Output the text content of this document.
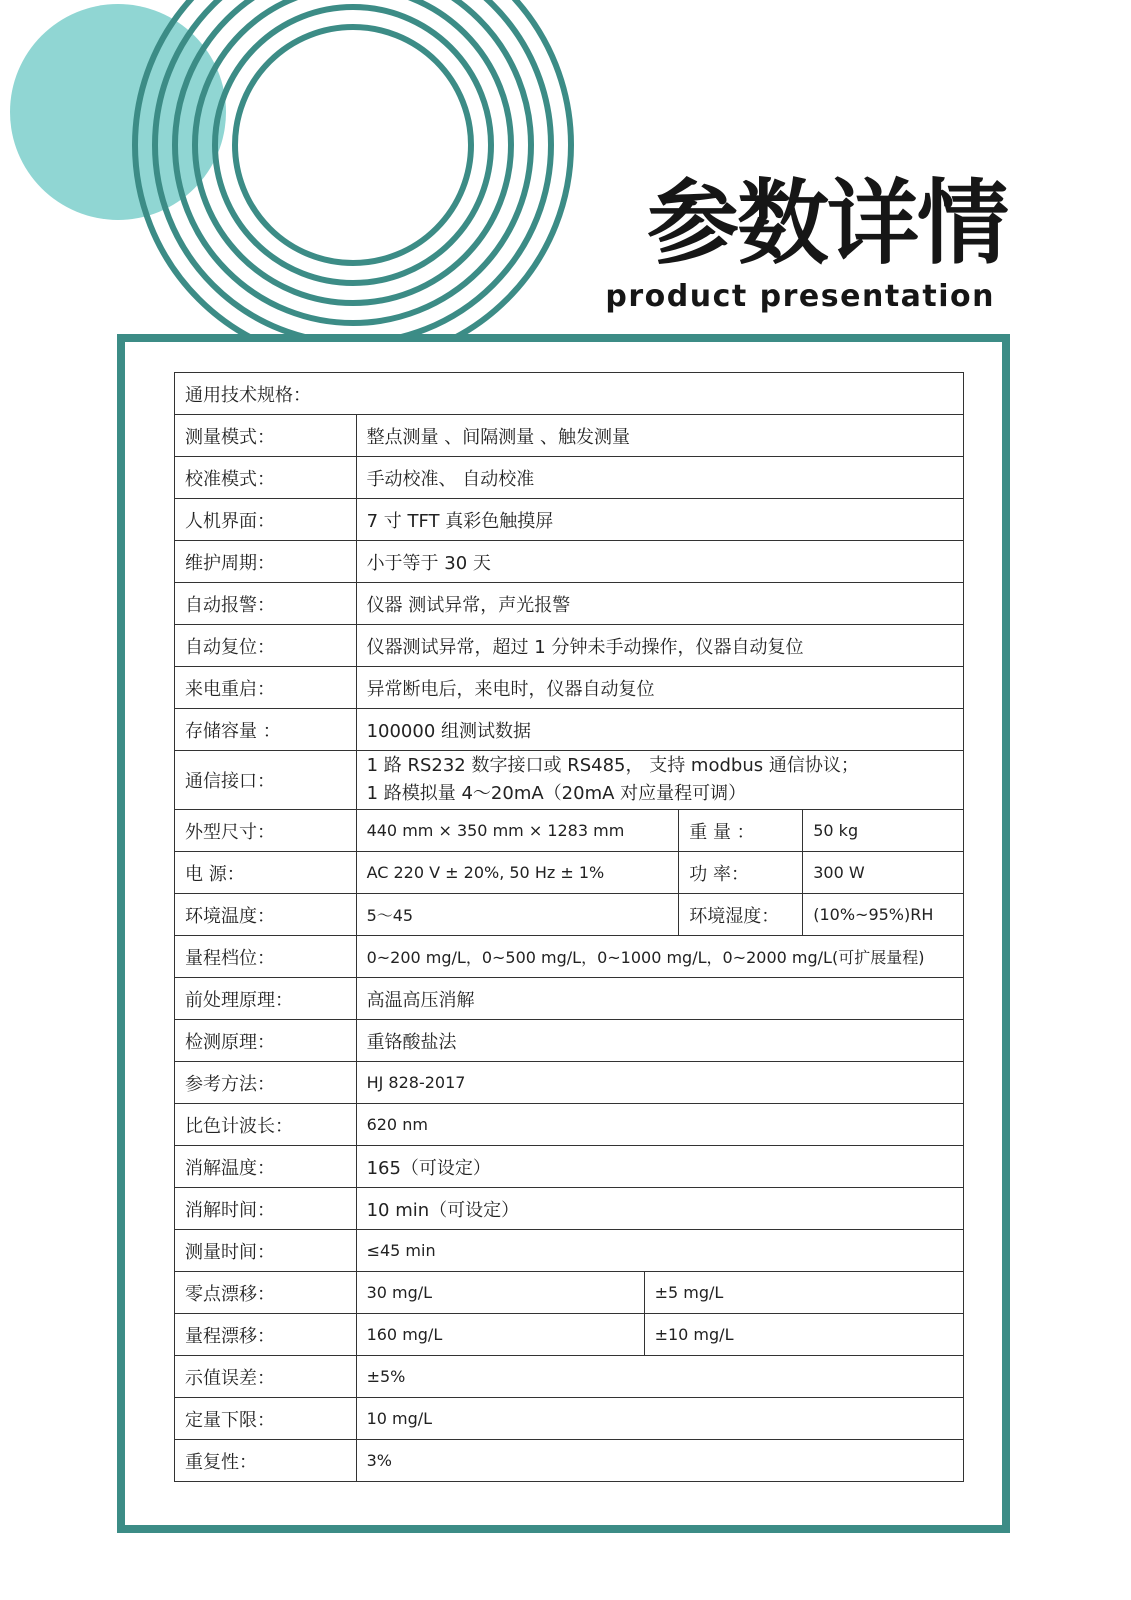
参数详情
product presentation
通用技术规格：				
测量模式：	整点测量 、间隔测量 、触发测量			
校准模式：	手动校准、 自动校准			
人机界面：	7 寸 TFT 真彩色触摸屏			
维护周期：	小于等于 30 天			
自动报警：	仪器 测试异常，声光报警			
自动复位：	仪器测试异常，超过 1 分钟未手动操作，仪器自动复位			
来电重启：	异常断电后，来电时，仪器自动复位			
存储容量 ：	100000 组测试数据			
通信接口：	1 路 RS232 数字接口或 RS485， 支持 modbus 通信协议；
1 路模拟量 4～20mA（20mA 对应量程可调）			

外型尺寸：	440 mm × 350 mm × 1283 mm		重 量 ：	50 kg
电 源：	AC 220 V ± 20%, 50 Hz ± 1%		功 率：	300 W
环境温度：	5～45		环境湿度：	(10%~95%)RH
量程档位：	0~200 mg/L，0~500 mg/L，0~1000 mg/L，0~2000 mg/L(可扩展量程)			
前处理原理：	高温高压消解			
检测原理：	重铬酸盐法			
参考方法：	HJ 828-2017			
比色计波长：	620 nm			
消解温度：	165（可设定）			
消解时间：	10 min（可设定）			
测量时间：	≤45 min			
零点漂移：	30 mg/L	±5 mg/L		
量程漂移：	160 mg/L	±10 mg/L		
示值误差：	±5%			
定量下限：	10 mg/L			
重复性：	3%			
